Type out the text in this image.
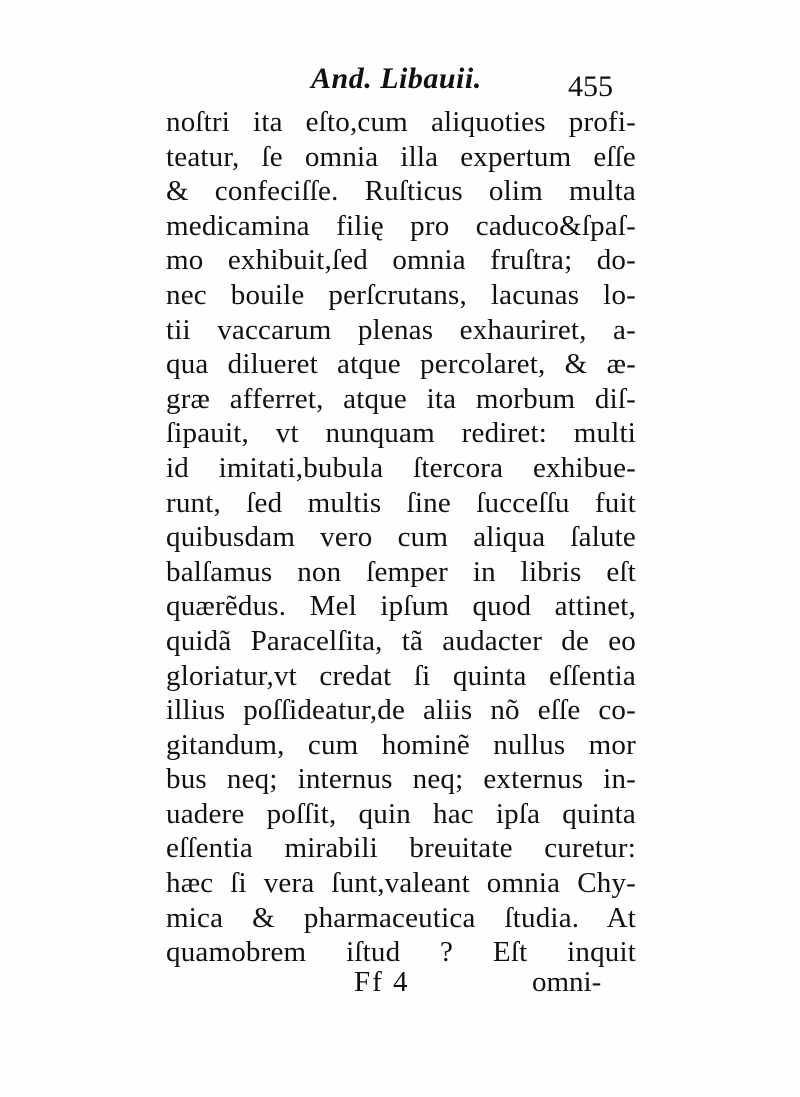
And. Libauii.	455
noſtri ita eſto,cum aliquoties profi-
teatur, ſe omnia illa expertum eſſe
& confeciſſe. Ruſticus olim multa
medicamina filię pro caduco&ſpaſ-
mo exhibuit,ſed omnia fruſtra; do-
nec bouile perſcrutans, lacunas lo-
tii vaccarum plenas exhauriret, a-
qua dilueret atque percolaret, & æ-
græ afferret, atque ita morbum diſ-
ſipauit, vt nunquam rediret: multi
id imitati,bubula ſtercora exhibue-
runt, ſed multis ſine ſucceſſu fuit
quibusdam vero cum aliqua ſalute
balſamus non ſemper in libris eſt
quærẽdus. Mel ipſum quod attinet,
quidã Paracelſita, tã audacter de eo
gloriatur,vt credat ſi quinta eſſentia
illius poſſideatur,de aliis nõ eſſe co-
gitandum, cum hominẽ nullus mor
bus neq; internus neq; externus in-
uadere poſſit, quin hac ipſa quinta
eſſentia mirabili breuitate curetur:
hæc ſi vera ſunt,valeant omnia Chy-
mica & pharmaceutica ſtudia. At
quamobrem iſtud ? Eſt inquit
Ff 4	omni-
